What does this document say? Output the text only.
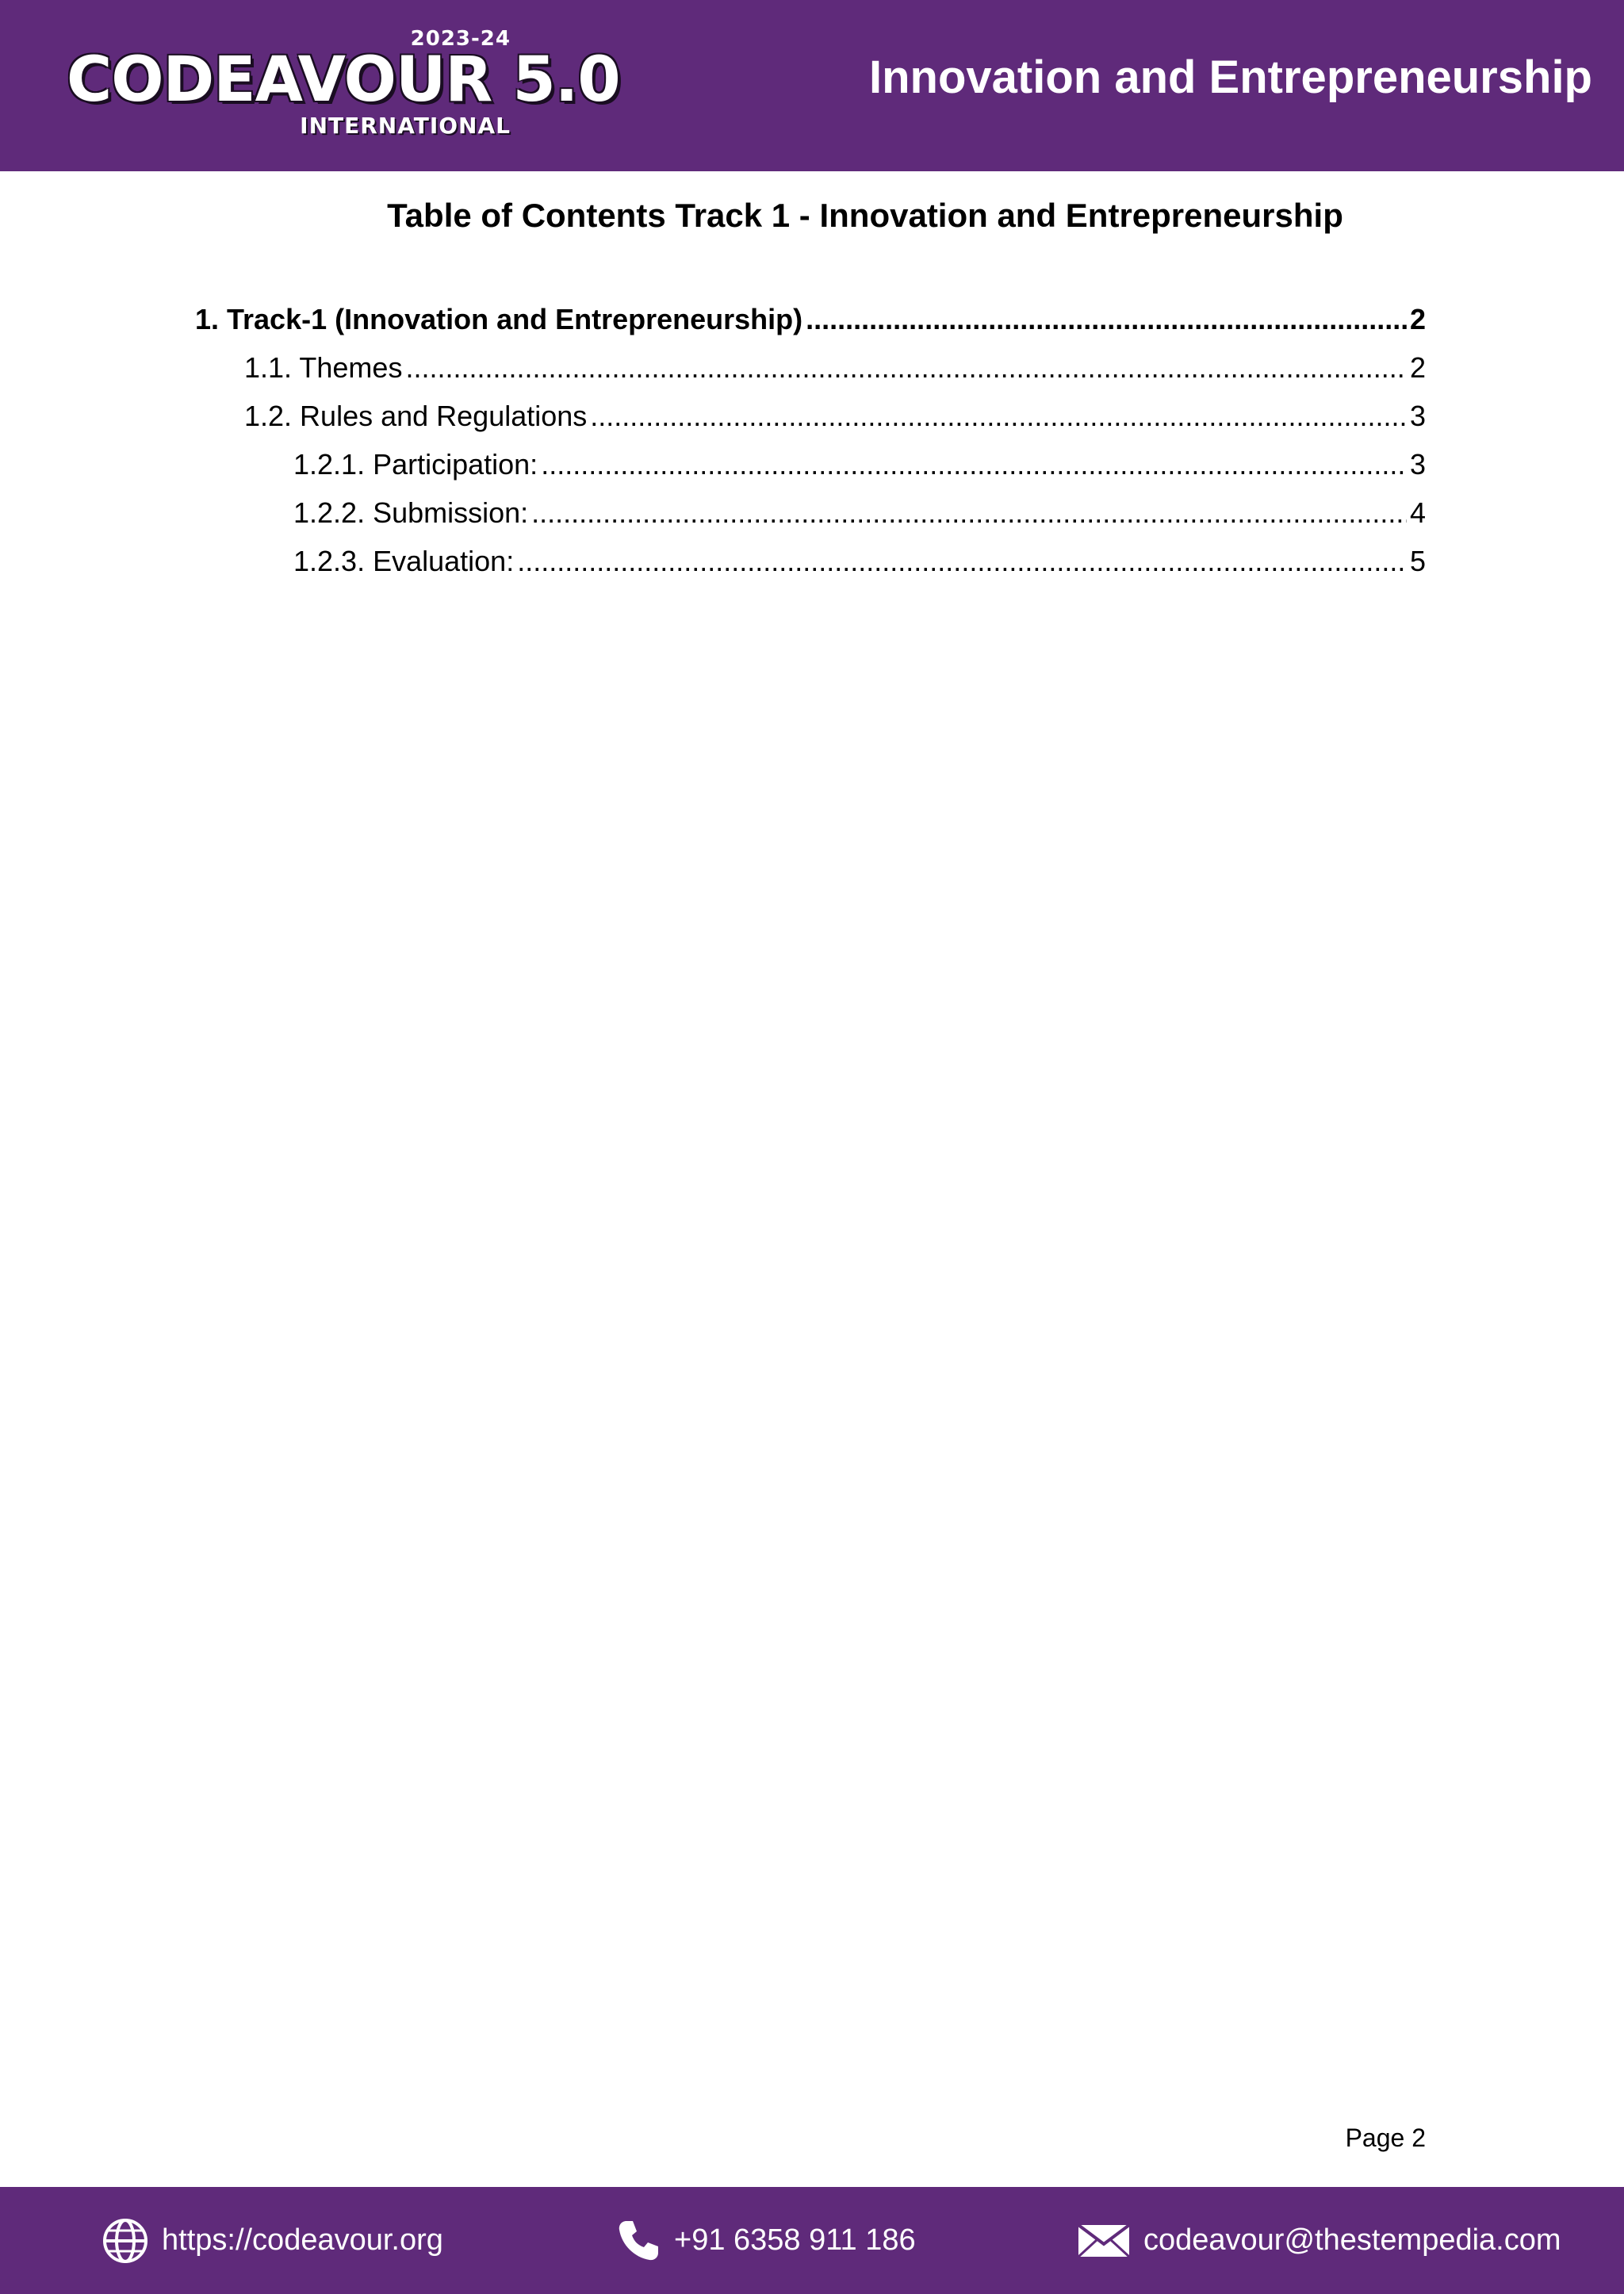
2023-24
CODEAVOUR 5.0
INTERNATIONAL
Innovation and Entrepreneurship
Table of Contents Track 1 - Innovation and Entrepreneurship
1. Track-1 (Innovation and Entrepreneurship) .....	2
1.1. Themes .....	2
1.2. Rules and Regulations .....	3
1.2.1. Participation: .....	3
1.2.2. Submission: .....	4
1.2.3. Evaluation: .....	5
Page 2
https://codeavour.org	+91 6358 911 186	codeavour@thestempedia.com
